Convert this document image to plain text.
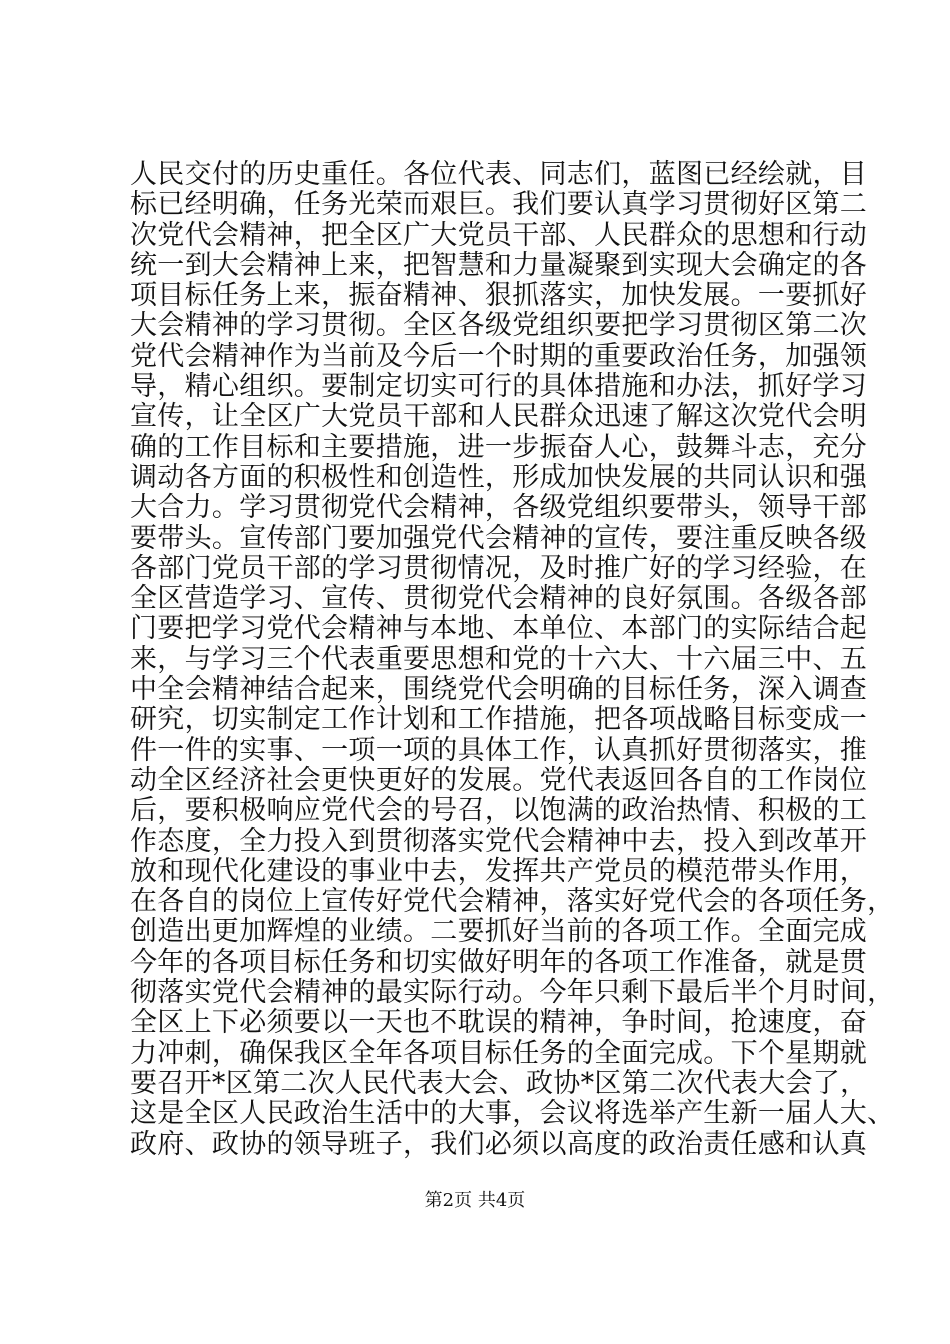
人民交付的历史重任。各位代表、同志们，蓝图已经绘就，目
标已经明确，任务光荣而艰巨。我们要认真学习贯彻好区第二
次党代会精神，把全区广大党员干部、人民群众的思想和行动
统一到大会精神上来，把智慧和力量凝聚到实现大会确定的各
项目标任务上来，振奋精神、狠抓落实，加快发展。一要抓好
大会精神的学习贯彻。全区各级党组织要把学习贯彻区第二次
党代会精神作为当前及今后一个时期的重要政治任务，加强领
导，精心组织。要制定切实可行的具体措施和办法，抓好学习
宣传，让全区广大党员干部和人民群众迅速了解这次党代会明
确的工作目标和主要措施，进一步振奋人心，鼓舞斗志，充分
调动各方面的积极性和创造性，形成加快发展的共同认识和强
大合力。学习贯彻党代会精神，各级党组织要带头，领导干部
要带头。宣传部门要加强党代会精神的宣传，要注重反映各级
各部门党员干部的学习贯彻情况，及时推广好的学习经验，在
全区营造学习、宣传、贯彻党代会精神的良好氛围。各级各部
门要把学习党代会精神与本地、本单位、本部门的实际结合起
来，与学习三个代表重要思想和党的十六大、十六届三中、五
中全会精神结合起来，围绕党代会明确的目标任务，深入调查
研究，切实制定工作计划和工作措施，把各项战略目标变成一
件一件的实事、一项一项的具体工作，认真抓好贯彻落实，推
动全区经济社会更快更好的发展。党代表返回各自的工作岗位
后，要积极响应党代会的号召，以饱满的政治热情、积极的工
作态度，全力投入到贯彻落实党代会精神中去，投入到改革开
放和现代化建设的事业中去，发挥共产党员的模范带头作用，
在各自的岗位上宣传好党代会精神，落实好党代会的各项任务，
创造出更加辉煌的业绩。二要抓好当前的各项工作。全面完成
今年的各项目标任务和切实做好明年的各项工作准备，就是贯
彻落实党代会精神的最实际行动。今年只剩下最后半个月时间，
全区上下必须要以一天也不耽误的精神，争时间，抢速度，奋
力冲刺，确保我区全年各项目标任务的全面完成。下个星期就
要召开*区第二次人民代表大会、政协*区第二次代表大会了，
这是全区人民政治生活中的大事，会议将选举产生新一届人大、
政府、政协的领导班子，我们必须以高度的政治责任感和认真
第2页 共4页
